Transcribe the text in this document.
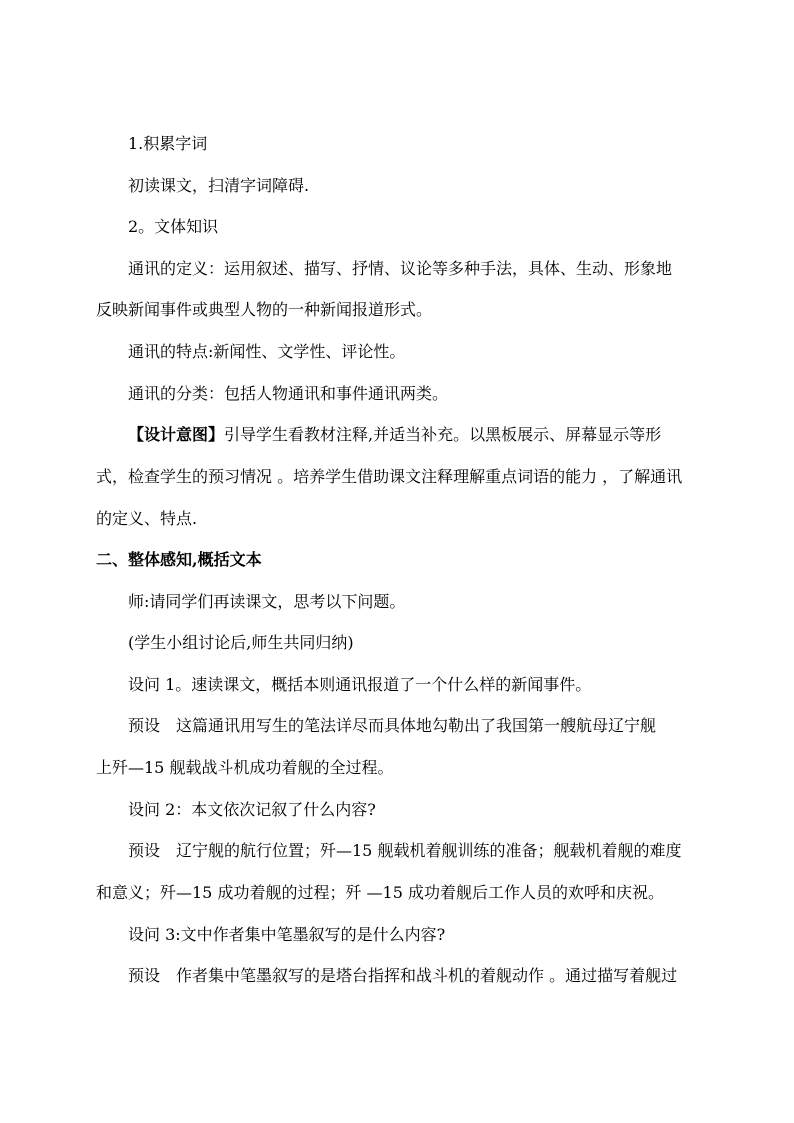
1.积累字词
初读课文，扫清字词障碍.
2。文体知识
通讯的定义：运用叙述、描写、抒情、议论等多种手法，具体、生动、形象地
反映新闻事件或典型人物的一种新闻报道形式。
通讯的特点:新闻性、文学性、评论性。
通讯的分类：包括人物通讯和事件通讯两类。
【设计意图】引导学生看教材注释,并适当补充。以黑板展示、屏幕显示等形
式，检查学生的预习情况 。培养学生借助课文注释理解重点词语的能力 ，了解通讯
的定义、特点.
二、整体感知,概括文本
师:请同学们再读课文，思考以下问题。
(学生小组讨论后,师生共同归纳)
设问 1。速读课文，概括本则通讯报道了一个什么样的新闻事件。
预设　这篇通讯用写生的笔法详尽而具体地勾勒出了我国第一艘航母辽宁舰
上歼—15 舰载战斗机成功着舰的全过程。
设问 2：本文依次记叙了什么内容?
预设　辽宁舰的航行位置；歼—15 舰载机着舰训练的准备；舰载机着舰的难度
和意义；歼—15 成功着舰的过程；歼 —15 成功着舰后工作人员的欢呼和庆祝。
设问 3:文中作者集中笔墨叙写的是什么内容?
预设　作者集中笔墨叙写的是塔台指挥和战斗机的着舰动作 。通过描写着舰过
